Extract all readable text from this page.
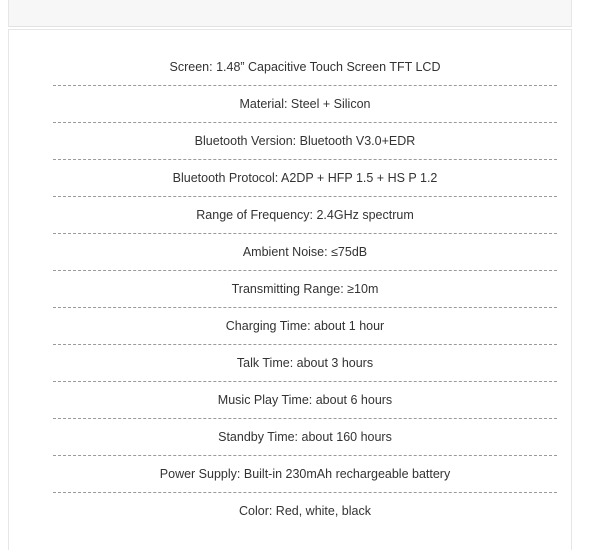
Screen: 1.48” Capacitive Touch Screen TFT LCD
Material: Steel + Silicon
Bluetooth Version: Bluetooth V3.0+EDR
Bluetooth Protocol: A2DP + HFP 1.5 + HS P 1.2
Range of Frequency: 2.4GHz spectrum
Ambient Noise: ≤75dB
Transmitting Range: ≥10m
Charging Time: about 1 hour
Talk Time: about 3 hours
Music Play Time: about 6 hours
Standby Time: about 160 hours
Power Supply: Built-in 230mAh rechargeable battery
Color: Red, white, black
